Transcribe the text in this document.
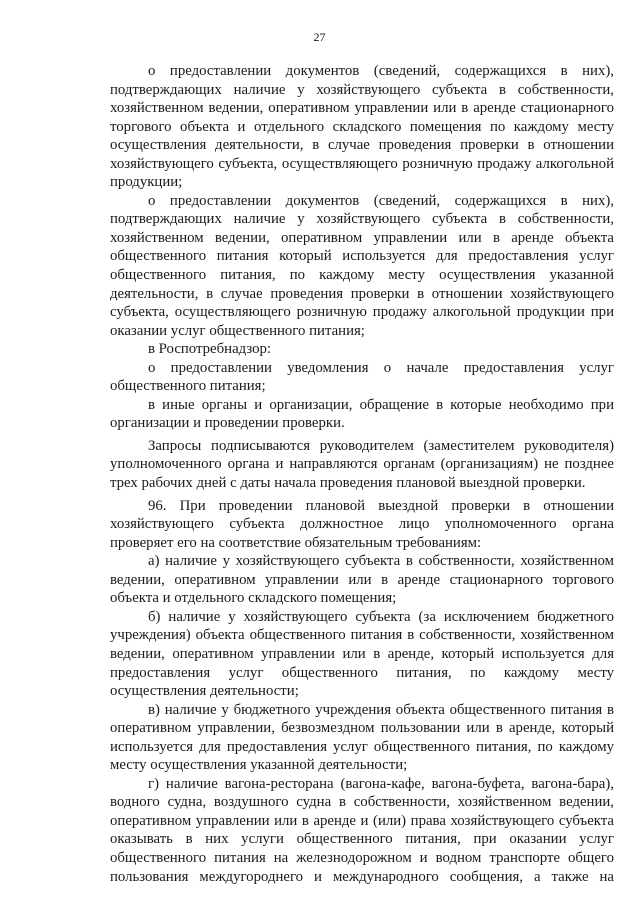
27

о предоставлении документов (сведений, содержащихся в них), подтверждающих наличие у хозяйствующего субъекта в собственности, хозяйственном ведении, оперативном управлении или в аренде стационарного торгового объекта и отдельного складского помещения по каждому месту осуществления деятельности, в случае проведения проверки в отношении хозяйствующего субъекта, осуществляющего розничную продажу алкогольной продукции;

о предоставлении документов (сведений, содержащихся в них), подтверждающих наличие у хозяйствующего субъекта в собственности, хозяйственном ведении, оперативном управлении или в аренде объекта общественного питания который используется для предоставления услуг общественного питания, по каждому месту осуществления указанной деятельности, в случае проведения проверки в отношении хозяйствующего субъекта, осуществляющего розничную продажу алкогольной продукции при оказании услуг общественного питания;

в Роспотребнадзор:

о предоставлении уведомления о начале предоставления услуг общественного питания;

в иные органы и организации, обращение в которые необходимо при организации и проведении проверки.

Запросы подписываются руководителем (заместителем руководителя) уполномоченного органа и направляются органам (организациям) не позднее трех рабочих дней с даты начала проведения плановой выездной проверки.

96. При проведении плановой выездной проверки в отношении хозяйствующего субъекта должностное лицо уполномоченного органа проверяет его на соответствие обязательным требованиям:

а) наличие у хозяйствующего субъекта в собственности, хозяйственном ведении, оперативном управлении или в аренде стационарного торгового объекта и отдельного складского помещения;

б) наличие у хозяйствующего субъекта (за исключением бюджетного учреждения) объекта общественного питания в собственности, хозяйственном ведении, оперативном управлении или в аренде, который используется для предоставления услуг общественного питания, по каждому месту осуществления деятельности;

в) наличие у бюджетного учреждения объекта общественного питания в оперативном управлении, безвозмездном пользовании или в аренде, который используется для предоставления услуг общественного питания, по каждому месту осуществления указанной деятельности;

г) наличие вагона-ресторана (вагона-кафе, вагона-буфета, вагона-бара), водного судна, воздушного судна в собственности, хозяйственном ведении, оперативном управлении или в аренде и (или) права хозяйствующего субъекта оказывать в них услуги общественного питания, при оказании услуг общественного питания на железнодорожном и водном транспорте общего пользования междугороднего и международного сообщения, а также на
